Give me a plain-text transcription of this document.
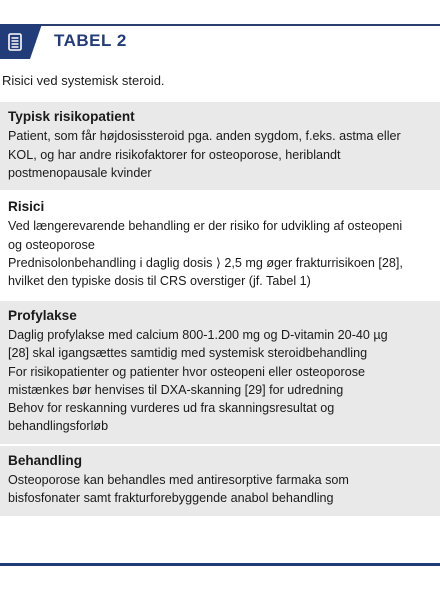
TABEL 2
Risici ved systemisk steroid.
Typisk risikopatient
Patient, som får højdosissteroid pga. anden sygdom, f.eks. astma eller
KOL, og har andre risikofaktorer for osteoporose, heriblandt
postmenopausale kvinder
Risici
Ved længerevarende behandling er der risiko for udvikling af osteopeni
og osteoporose
Prednisolonbehandling i daglig dosis ⟩ 2,5 mg øger frakturrisikoen [28],
hvilket den typiske dosis til CRS overstiger (jf. Tabel 1)
Profylakse
Daglig profylakse med calcium 800-1.200 mg og D-vitamin 20-40 µg
[28] skal igangsættes samtidig med systemisk steroidbehandling
For risikopatienter og patienter hvor osteopeni eller osteoporose
mistænkes bør henvises til DXA-skanning [29] for udredning
Behov for reskanning vurderes ud fra skanningsresultat og
behandlingsforløb
Behandling
Osteoporose kan behandles med antiresorptive farmaka som
bisfosfonater samt frakturforebyggende anabol behandling
